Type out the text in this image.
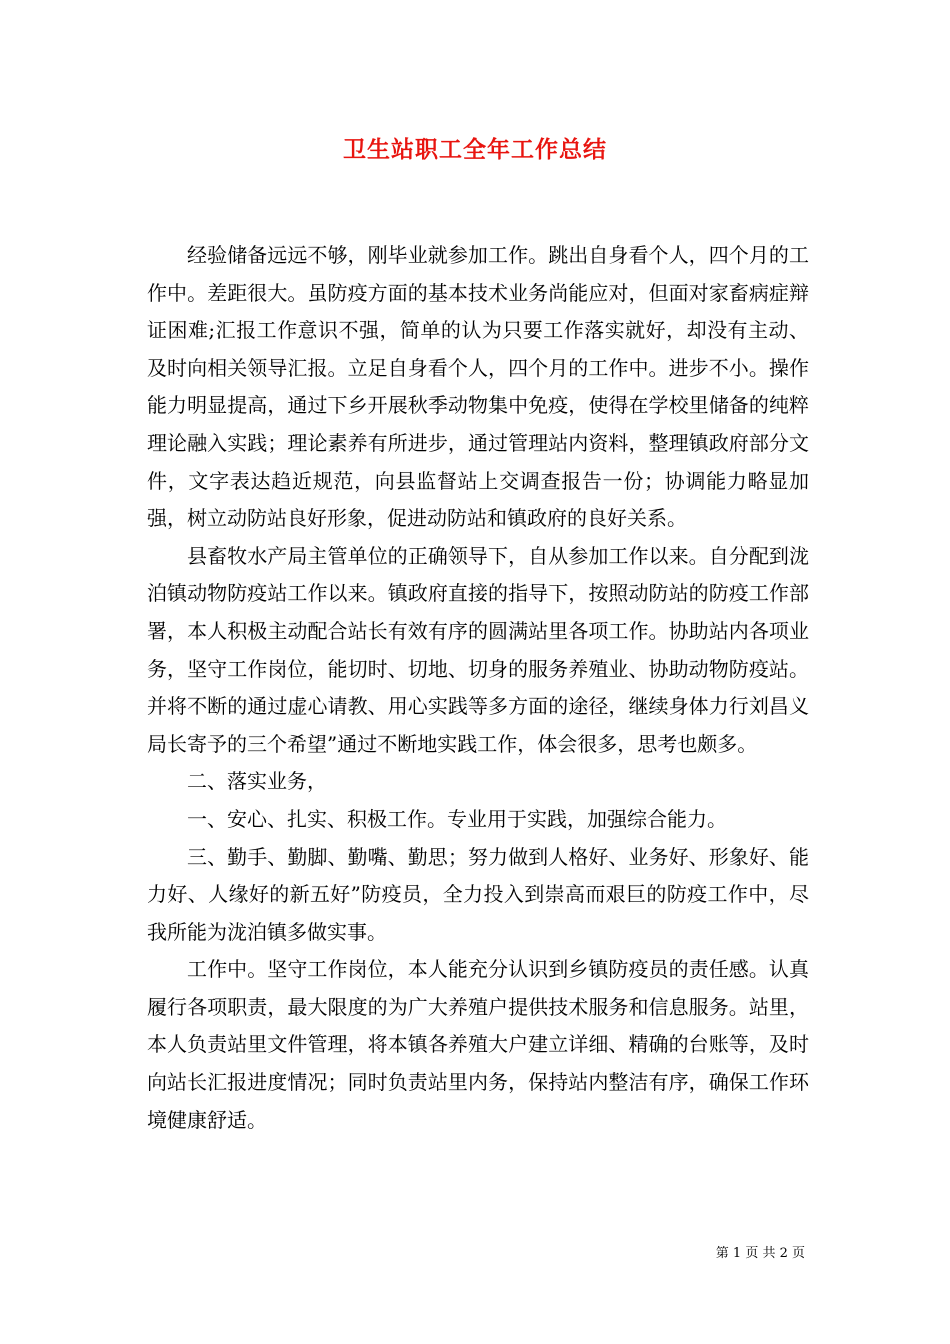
卫生站职工全年工作总结

经验储备远远不够，刚毕业就参加工作。跳出自身看个人，四个月的工作中。差距很大。虽防疫方面的基本技术业务尚能应对，但面对家畜病症辩证困难;汇报工作意识不强，简单的认为只要工作落实就好，却没有主动、及时向相关领导汇报。立足自身看个人，四个月的工作中。进步不小。操作能力明显提高，通过下乡开展秋季动物集中免疫，使得在学校里储备的纯粹理论融入实践；理论素养有所进步，通过管理站内资料，整理镇政府部分文件，文字表达趋近规范，向县监督站上交调查报告一份；协调能力略显加强，树立动防站良好形象，促进动防站和镇政府的良好关系。

县畜牧水产局主管单位的正确领导下，自从参加工作以来。自分配到泷泊镇动物防疫站工作以来。镇政府直接的指导下，按照动防站的防疫工作部署，本人积极主动配合站长有效有序的圆满站里各项工作。协助站内各项业务，坚守工作岗位，能切时、切地、切身的服务养殖业、协助动物防疫站。并将不断的通过虚心请教、用心实践等多方面的途径，继续身体力行刘昌义局长寄予的三个希望”通过不断地实践工作，体会很多，思考也颇多。

二、落实业务，

一、安心、扎实、积极工作。专业用于实践，加强综合能力。

三、勤手、勤脚、勤嘴、勤思；努力做到人格好、业务好、形象好、能力好、人缘好的新五好”防疫员，全力投入到崇高而艰巨的防疫工作中，尽我所能为泷泊镇多做实事。

工作中。坚守工作岗位，本人能充分认识到乡镇防疫员的责任感。认真履行各项职责，最大限度的为广大养殖户提供技术服务和信息服务。站里，本人负责站里文件管理，将本镇各养殖大户建立详细、精确的台账等，及时向站长汇报进度情况；同时负责站里内务，保持站内整洁有序，确保工作环境健康舒适。

第 1 页 共 2 页
